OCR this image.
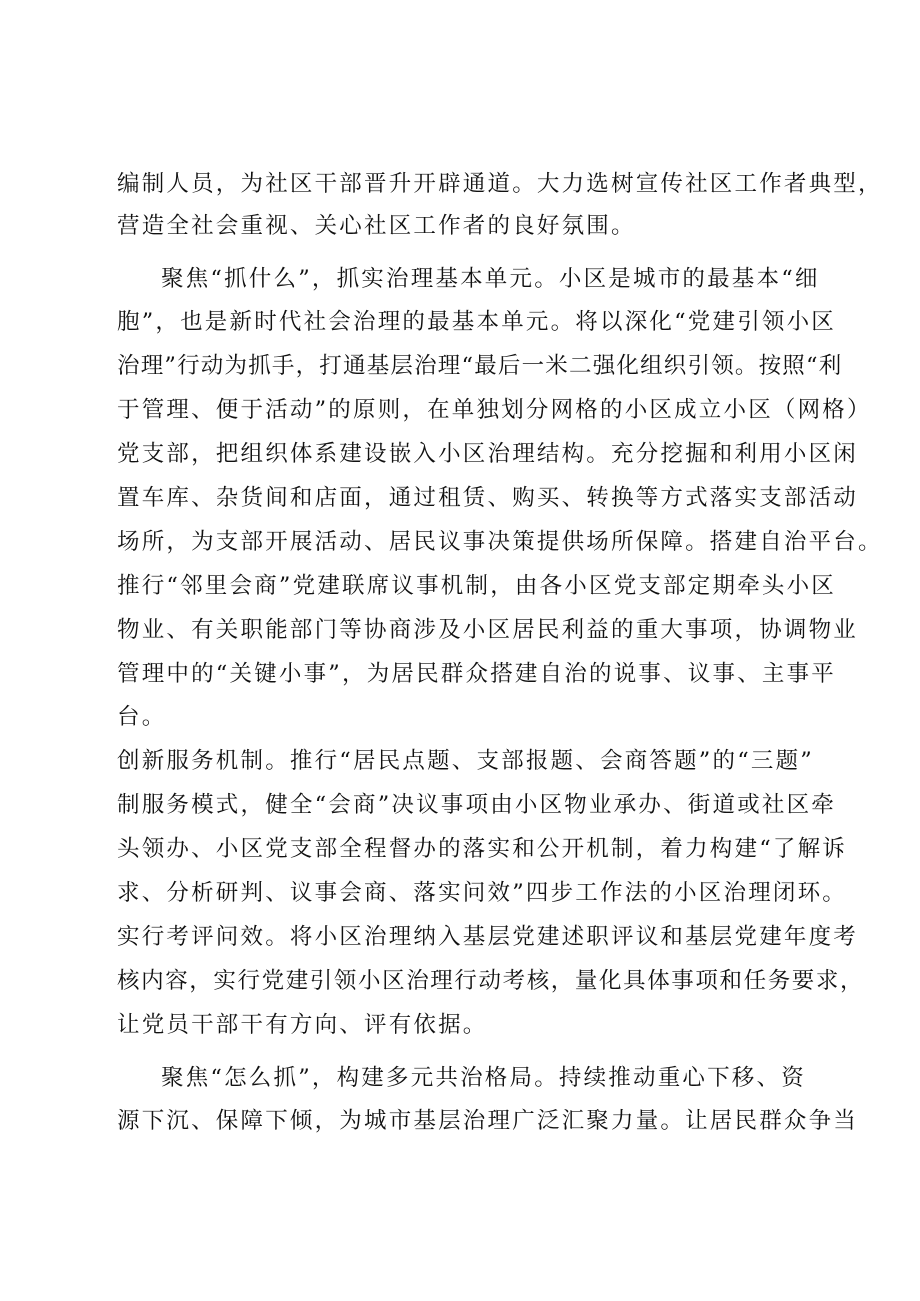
编制人员，为社区干部晋升开辟通道。大力选树宣传社区工作者典型，
营造全社会重视、关心社区工作者的良好氛围。
聚焦“抓什么”，抓实治理基本单元。小区是城市的最基本“细
胞”，也是新时代社会治理的最基本单元。将以深化“党建引领小区
治理”行动为抓手，打通基层治理“最后一米二强化组织引领。按照“利
于管理、便于活动”的原则，在单独划分网格的小区成立小区（网格）
党支部，把组织体系建设嵌入小区治理结构。充分挖掘和利用小区闲
置车库、杂货间和店面，通过租赁、购买、转换等方式落实支部活动
场所，为支部开展活动、居民议事决策提供场所保障。搭建自治平台。
推行“邻里会商”党建联席议事机制，由各小区党支部定期牵头小区
物业、有关职能部门等协商涉及小区居民利益的重大事项，协调物业
管理中的“关键小事”，为居民群众搭建自治的说事、议事、主事平
台。
创新服务机制。推行“居民点题、支部报题、会商答题”的“三题”
制服务模式，健全“会商”决议事项由小区物业承办、街道或社区牵
头领办、小区党支部全程督办的落实和公开机制，着力构建“了解诉
求、分析研判、议事会商、落实问效”四步工作法的小区治理闭环。
实行考评问效。将小区治理纳入基层党建述职评议和基层党建年度考
核内容，实行党建引领小区治理行动考核，量化具体事项和任务要求，
让党员干部干有方向、评有依据。
聚焦“怎么抓”，构建多元共治格局。持续推动重心下移、资
源下沉、保障下倾，为城市基层治理广泛汇聚力量。让居民群众争当
